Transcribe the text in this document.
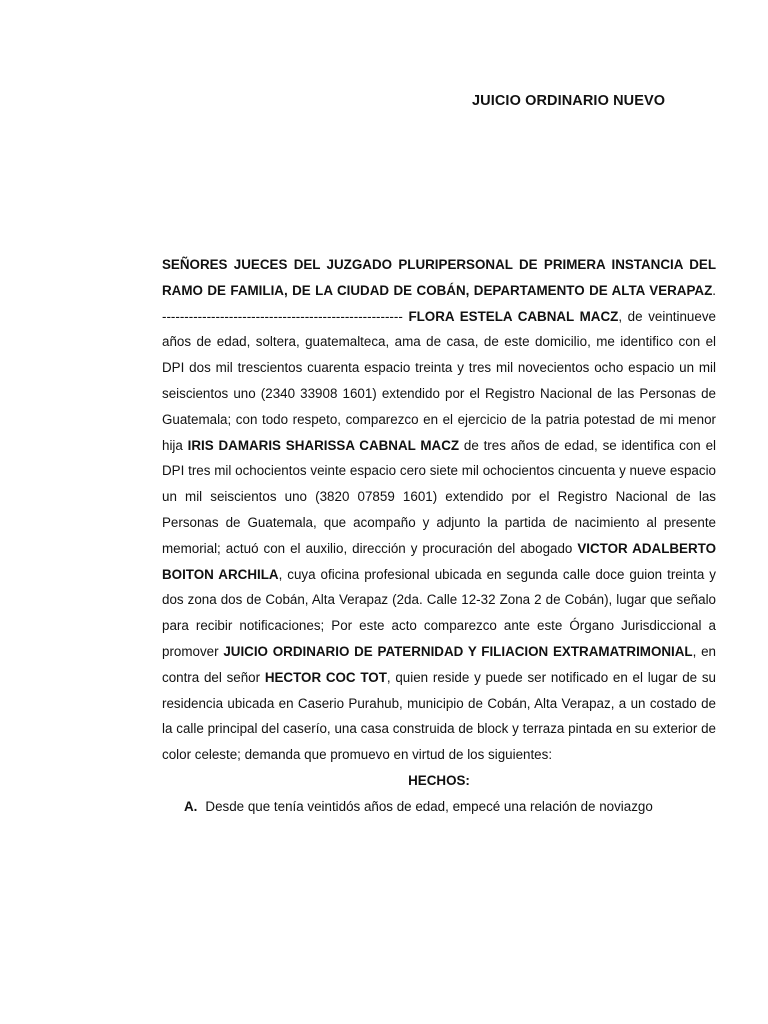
JUICIO ORDINARIO NUEVO

SEÑORES JUECES DEL JUZGADO PLURIPERSONAL DE PRIMERA INSTANCIA DEL RAMO DE FAMILIA, DE LA CIUDAD DE COBÁN, DEPARTAMENTO DE ALTA VERAPAZ. ------------------------------------------------------ FLORA ESTELA CABNAL MACZ, de veintinueve años de edad, soltera, guatemalteca, ama de casa, de este domicilio, me identifico con el DPI dos mil trescientos cuarenta espacio treinta y tres mil novecientos ocho espacio un mil seiscientos uno (2340 33908 1601) extendido por el Registro Nacional de las Personas de Guatemala; con todo respeto, comparezco en el ejercicio de la patria potestad de mi menor hija IRIS DAMARIS SHARISSA CABNAL MACZ de tres años de edad, se identifica con el DPI tres mil ochocientos veinte espacio cero siete mil ochocientos cincuenta y nueve espacio un mil seiscientos uno (3820 07859 1601) extendido por el Registro Nacional de las Personas de Guatemala, que acompaño y adjunto la partida de nacimiento al presente memorial; actuó con el auxilio, dirección y procuración del abogado VICTOR ADALBERTO BOITON ARCHILA, cuya oficina profesional ubicada en segunda calle doce guion treinta y dos zona dos de Cobán, Alta Verapaz (2da. Calle 12-32 Zona 2 de Cobán), lugar que señalo para recibir notificaciones; Por este acto comparezco ante este Órgano Jurisdiccional a promover JUICIO ORDINARIO DE PATERNIDAD Y FILIACION EXTRAMATRIMONIAL, en contra del señor HECTOR COC TOT, quien reside y puede ser notificado en el lugar de su residencia ubicada en Caserio Purahub, municipio de Cobán, Alta Verapaz, a un costado de la calle principal del caserío, una casa construida de block y terraza pintada en su exterior de color celeste; demanda que promuevo en virtud de los siguientes:

HECHOS:

A. Desde que tenía veintidós años de edad, empecé una relación de noviazgo
